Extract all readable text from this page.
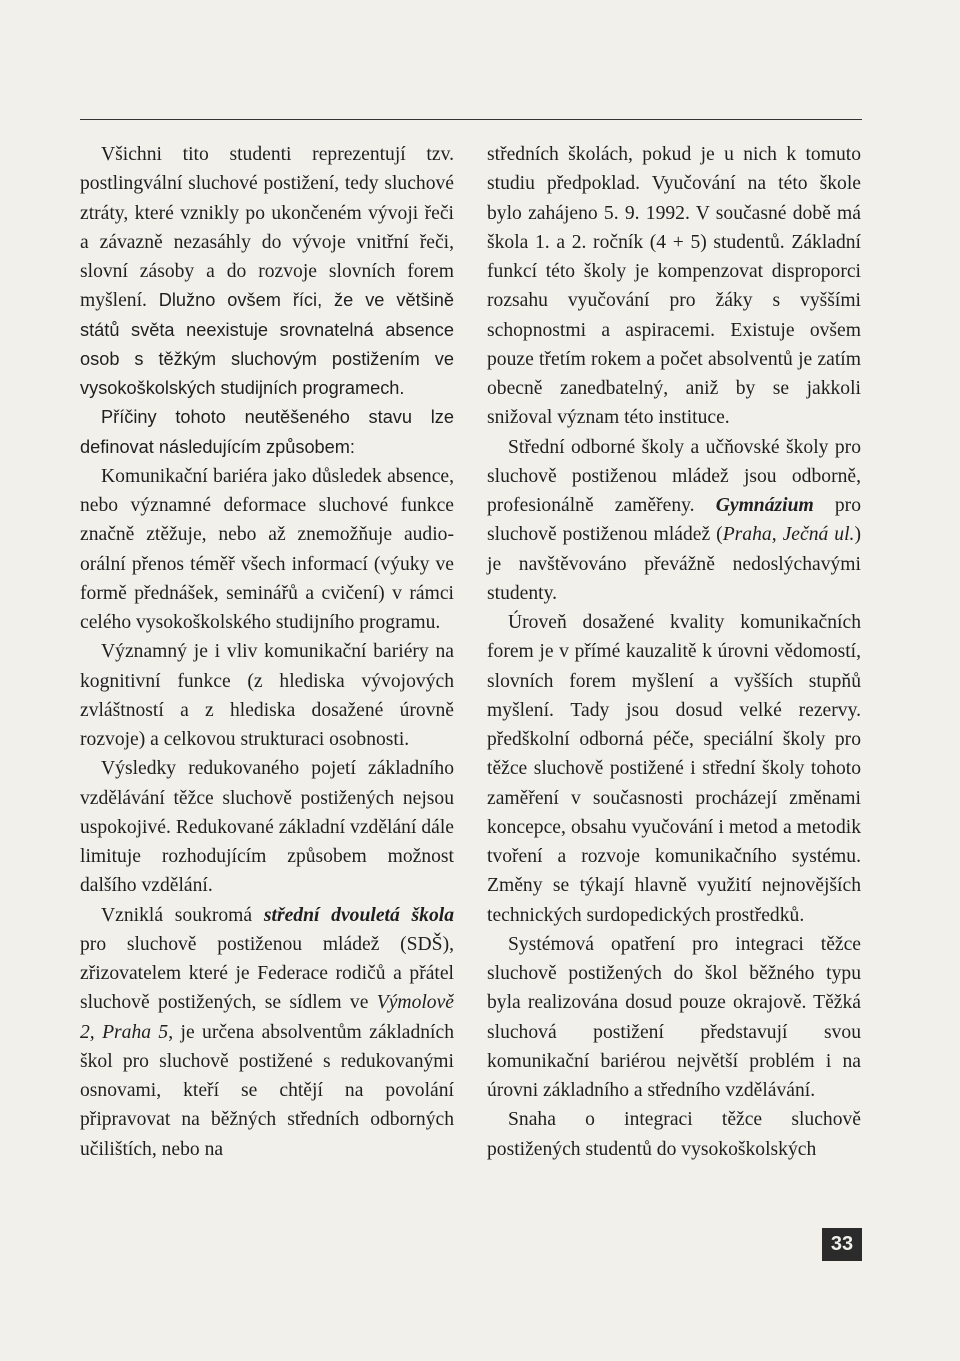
Všichni tito studenti reprezentují tzv. postlingvální sluchové postižení, tedy sluchové ztráty, které vznikly po ukončeném vývoji řeči a závazně nezasáhly do vývoje vnitřní řeči, slovní zásoby a do rozvoje slovních forem myšlení. Dlužno ovšem říci, že ve většině států světa neexistuje srovnatelná absence osob s těžkým sluchovým postižením ve vysokoškolských studijních programech.

Příčiny tohoto neutěšeného stavu lze definovat následujícím způsobem:

Komunikační bariéra jako důsledek absence, nebo významné deformace sluchové funkce značně ztěžuje, nebo až znemožňuje audio-orální přenos téměř všech informací (výuky ve formě přednášek, seminářů a cvičení) v rámci celého vysokoškolského studijního programu.

Významný je i vliv komunikační bariéry na kognitivní funkce (z hlediska vývojových zvláštností a z hlediska dosažené úrovně rozvoje) a celkovou strukturaci osobnosti.

Výsledky redukovaného pojetí základního vzdělávání těžce sluchově postižených nejsou uspokojivé. Redukované základní vzdělání dále limituje rozhodujícím způsobem možnost dalšího vzdělání.

Vzniklá soukromá střední dvouletá škola pro sluchově postiženou mládež (SDŠ), zřizovatelem které je Federace rodičů a přátel sluchově postižených, se sídlem ve Výmolově 2, Praha 5, je určena absolventům základních škol pro sluchově postižené s redukovanými osnovami, kteří se chtějí na povolání připravovat na běžných středních odborných učilištích, nebo na

středních školách, pokud je u nich k tomuto studiu předpoklad. Vyučování na této škole bylo zahájeno 5. 9. 1992. V současné době má škola 1. a 2. ročník (4 + 5) studentů. Základní funkcí této školy je kompenzovat disproporci rozsahu vyučování pro žáky s vyššími schopnostmi a aspiracemi. Existuje ovšem pouze třetím rokem a počet absolventů je zatím obecně zanedbatelný, aniž by se jakkoli snižoval význam této instituce.

Střední odborné školy a učňovské školy pro sluchově postiženou mládež jsou odborně, profesionálně zaměřeny. Gymnázium pro sluchově postiženou mládež (Praha, Ječná ul.) je navštěvováno převážně nedoslýchavými studenty.

Úroveň dosažené kvality komunikačních forem je v přímé kauzalitě k úrovni vědomostí, slovních forem myšlení a vyšších stupňů myšlení. Tady jsou dosud velké rezervy. předškolní odborná péče, speciální školy pro těžce sluchově postižené i střední školy tohoto zaměření v současnosti procházejí změnami koncepce, obsahu vyučování i metod a metodik tvoření a rozvoje komunikačního systému. Změny se týkají hlavně využití nejnovějších technických surdopedických prostředků.

Systémová opatření pro integraci těžce sluchově postižených do škol běžného typu byla realizována dosud pouze okrajově. Těžká sluchová postižení představují svou komunikační bariérou největší problém i na úrovni základního a středního vzdělávání.

Snaha o integraci těžce sluchově postižených studentů do vysokoškolských

33
